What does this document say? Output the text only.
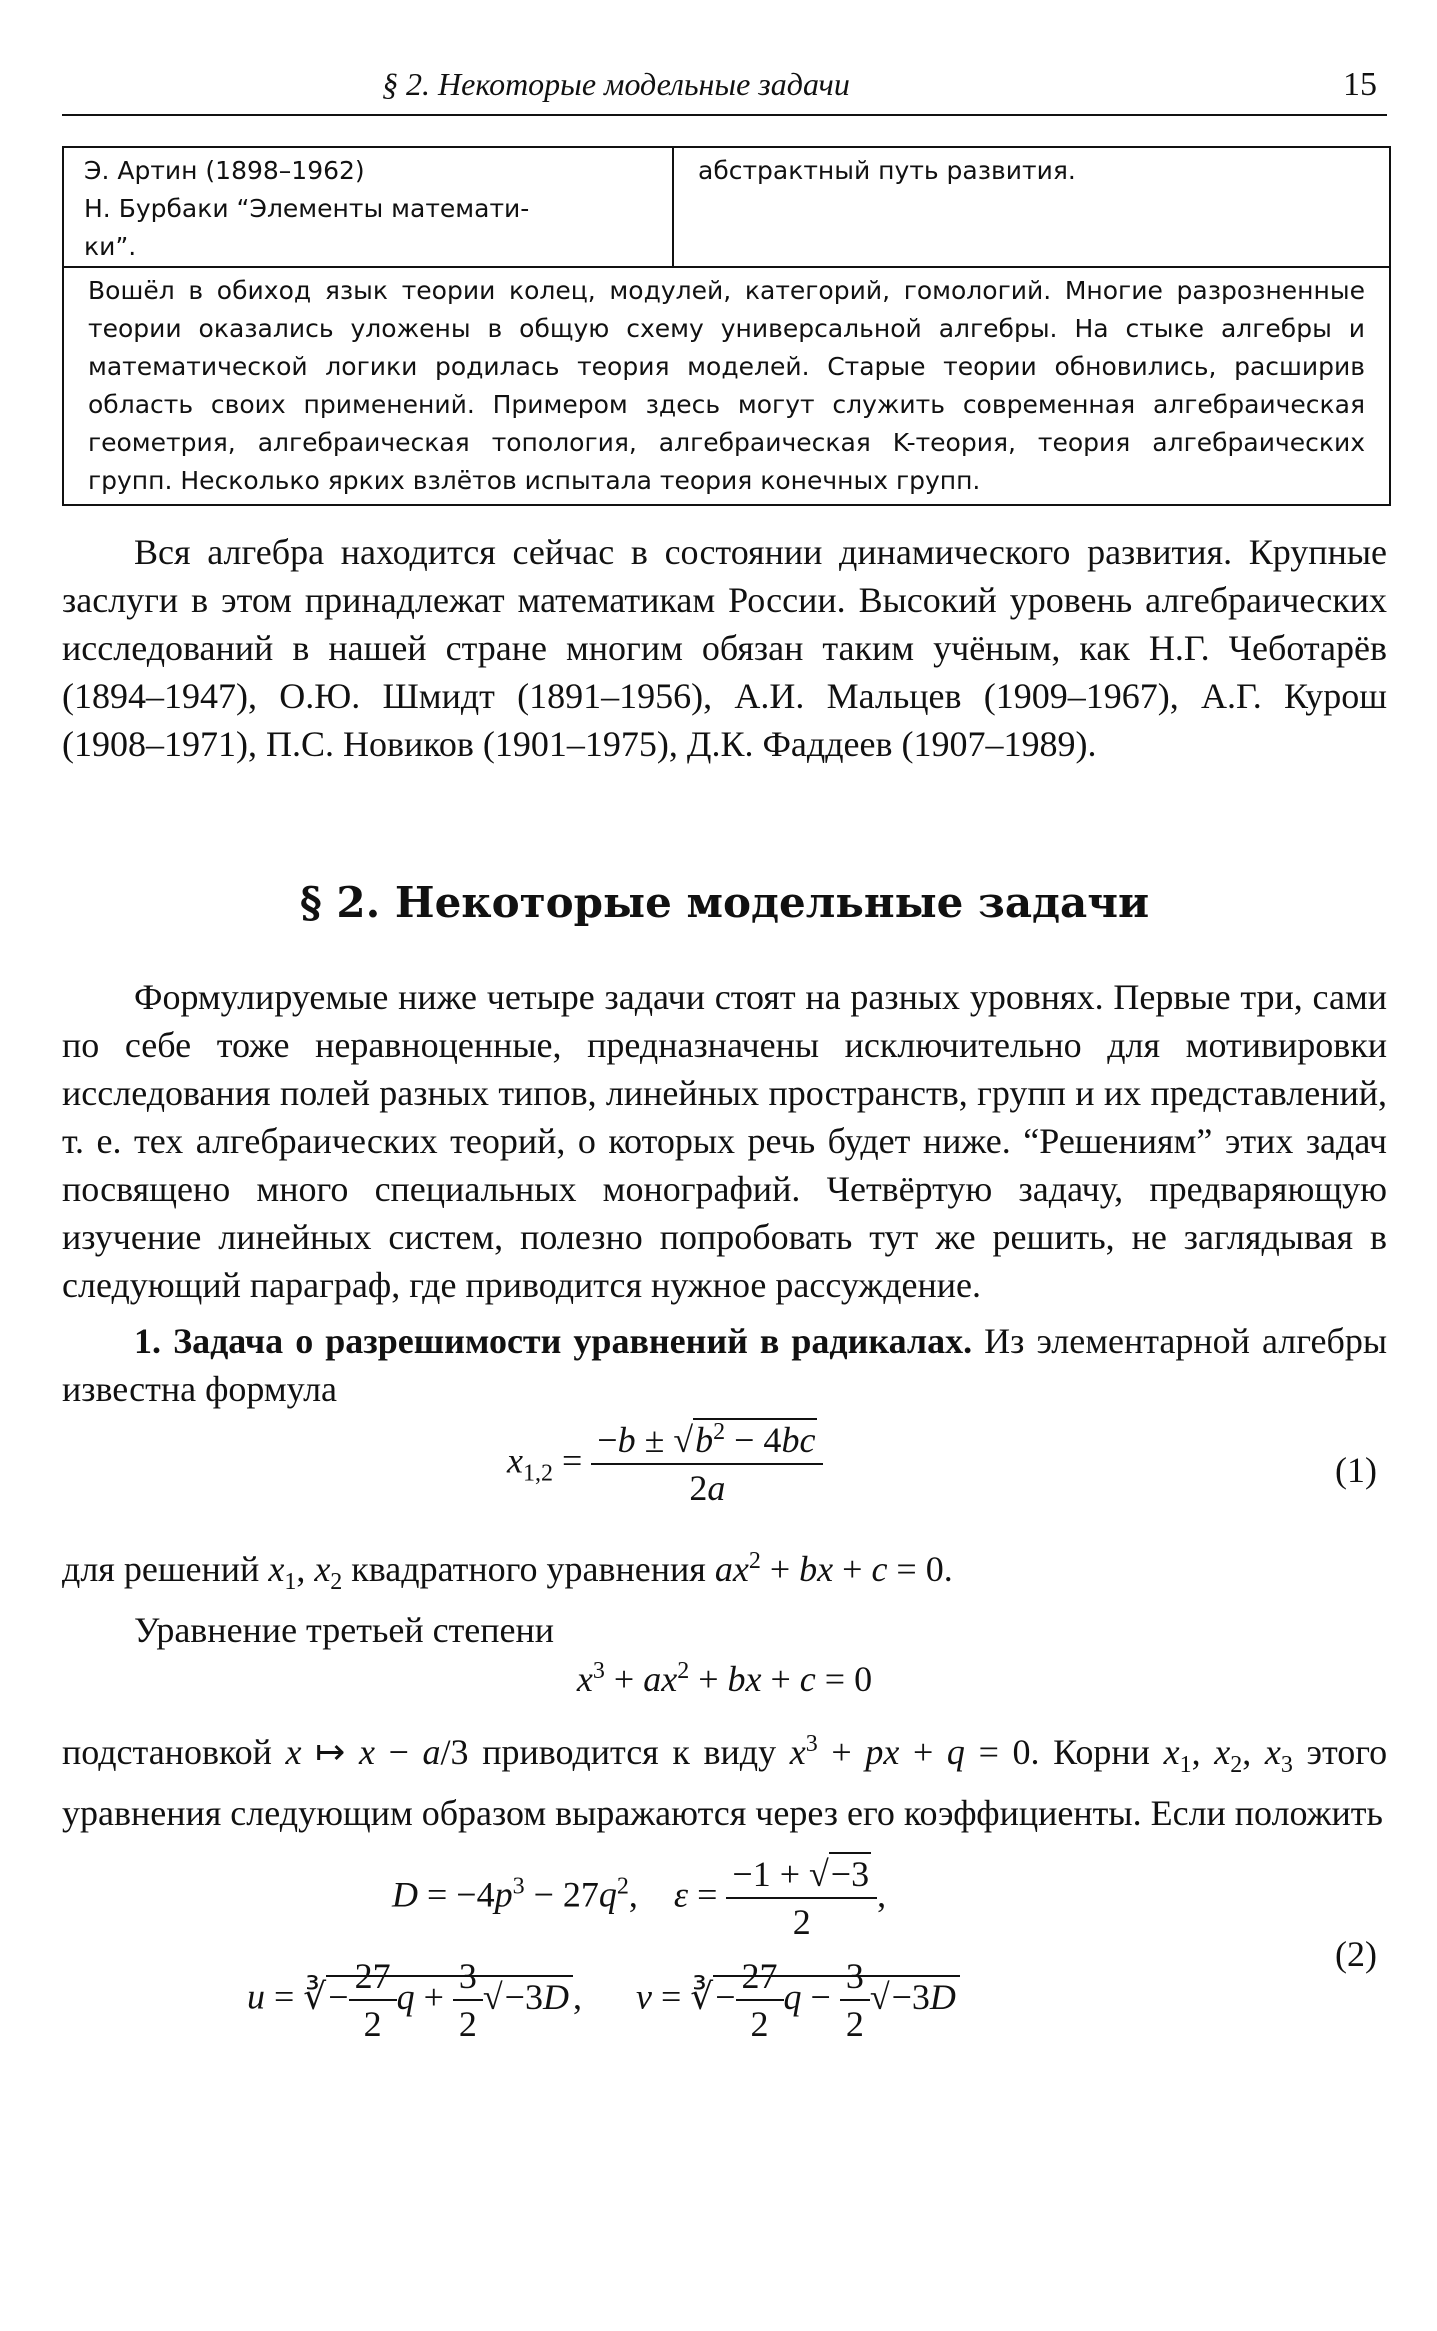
§ 2. Некоторые модельные задачи	15
Э. Артин (1898–1962)
Н. Бурбаки “Элементы математи-
ки”.
абстрактный путь развития.
Вошёл в обиход язык теории колец, модулей, категорий, гомологий. Многие разрозненные теории оказались уложены в общую схему универсальной алгебры. На стыке алгебры и математической логики родилась теория моделей. Старые теории обновились, расширив область своих применений. Примером здесь могут служить современная алгебраическая геометрия, алгебраическая топология, алгебраическая K-теория, теория алгебраических групп. Несколько ярких взлётов испытала теория конечных групп.

Вся алгебра находится сейчас в состоянии динамического развития. Крупные заслуги в этом принадлежат математикам России. Высокий уровень алгебраических исследований в нашей стране многим обязан таким учёным, как Н.Г. Чеботарёв (1894–1947), О.Ю. Шмидт (1891–1956), А.И. Мальцев (1909–1967), А.Г. Курош (1908–1971), П.С. Новиков (1901–1975), Д.К. Фаддеев (1907–1989).

§ 2. Некоторые модельные задачи

Формулируемые ниже четыре задачи стоят на разных уровнях. Первые три, сами по себе тоже неравноценные, предназначены исключительно для мотивировки исследования полей разных типов, линейных пространств, групп и их представлений, т. е. тех алгебраических теорий, о которых речь будет ниже. “Решениям” этих задач посвящено много специальных монографий. Четвёртую задачу, предваряющую изучение линейных систем, полезно попробовать тут же решить, не заглядывая в следующий параграф, где приводится нужное рассуждение.

1. Задача о разрешимости уравнений в радикалах. Из элементарной алгебры известна формула

$x_{1,2} = \frac{-b \pm √b^2 - 4bc}{2a}$	(1)

для решений $x_1$, $x_2$ квадратного уравнения $ax^2$ + bx + c = 0.

Уравнение третьей степени

$x^3 + ax^2$ + bx + c = 0

подстановкой x ↦ x − a/3 приводится к виду $x^3$ + px + q = 0. Корни $x_1$, $x_2$, $x_3$ этого уравнения следующим образом выражаются через его коэффициенты. Если положить

$D = -4p^3 - 27q^2$,    $\varepsilon = \frac{-1 + √-3}{2}$ ,
u = ∛− $\frac{27}{2}$ $q + \frac{3}{2} √-3D$ ,      v = ∛− $\frac{27}{2}$ $q - \frac{3}{2} √-3D$
(2)
